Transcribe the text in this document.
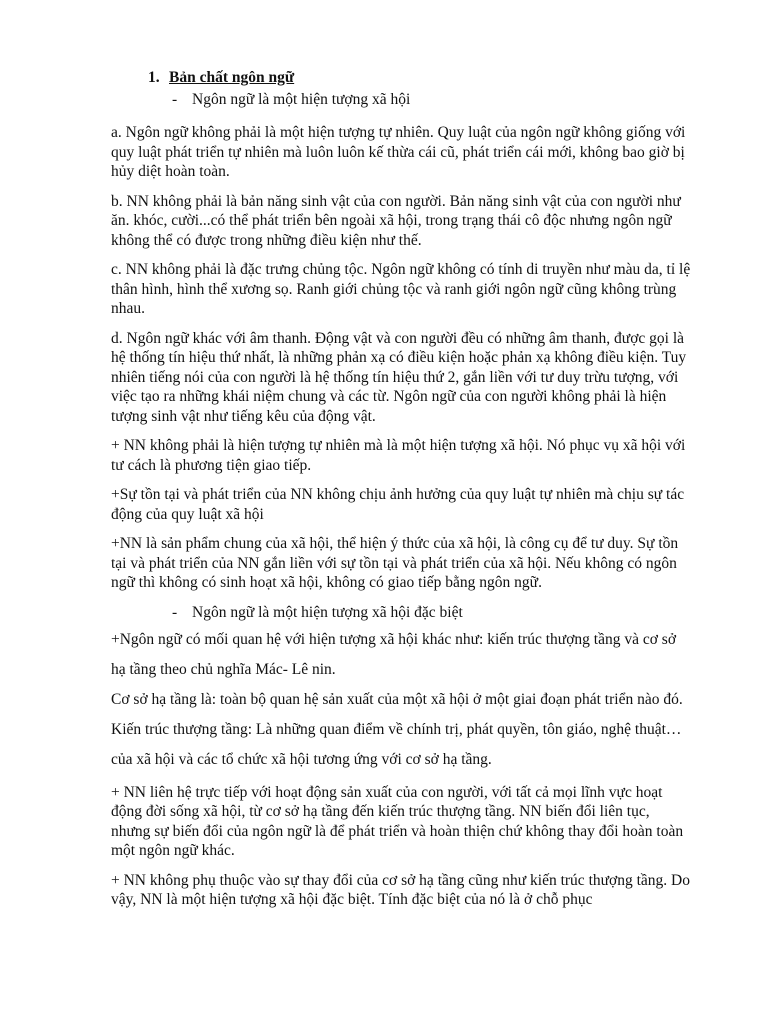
1. Bản chất ngôn ngữ
- Ngôn ngữ là một hiện tượng xã hội

a. Ngôn ngữ không phải là một hiện tượng tự nhiên. Quy luật của ngôn ngữ không giống với quy luật phát triển tự nhiên mà luôn luôn kế thừa cái cũ, phát triển cái mới, không bao giờ bị hủy diệt hoàn toàn.

b. NN không phải là bản năng sinh vật của con người. Bản năng sinh vật của con người như ăn. khóc, cười...có thể phát triển bên ngoài xã hội, trong trạng thái cô độc nhưng ngôn ngữ không thể có được trong những điều kiện như thế.

c. NN không phải là đặc trưng chủng tộc. Ngôn ngữ không có tính di truyền như màu da, tỉ lệ thân hình, hình thể xương sọ. Ranh giới chủng tộc và ranh giới ngôn ngữ cũng không trùng nhau.

d. Ngôn ngữ khác với âm thanh. Động vật và con người đều có những âm thanh, được gọi là hệ thống tín hiệu thứ nhất, là những phản xạ có điều kiện hoặc phản xạ không điều kiện. Tuy nhiên tiếng nói của con người là hệ thống tín hiệu thứ 2, gắn liền với tư duy trừu tượng, với việc tạo ra những khái niệm chung và các từ. Ngôn ngữ của con người không phải là hiện tượng sinh vật như tiếng kêu của động vật.

+ NN không phải là hiện tượng tự nhiên mà là một hiện tượng xã hội. Nó phục vụ xã hội với tư cách là phương tiện giao tiếp.

+Sự tồn tại và phát triển của NN không chịu ảnh hưởng của quy luật tự nhiên mà chịu sự tác động của quy luật xã hội

+NN là sản phẩm chung của xã hội, thể hiện ý thức của xã hội, là công cụ để tư duy. Sự tồn tại và phát triển của NN gắn liền với sự tồn tại và phát triển của xã hội. Nếu không có ngôn ngữ thì không có sinh hoạt xã hội, không có giao tiếp bằng ngôn ngữ.

- Ngôn ngữ là một hiện tượng xã hội đặc biệt

+Ngôn ngữ có mối quan hệ với hiện tượng xã hội khác như: kiến trúc thượng tầng và cơ sở hạ tầng theo chủ nghĩa Mác- Lê nin.

Cơ sở hạ tầng là: toàn bộ quan hệ sản xuất của một xã hội ở một giai đoạn phát triển nào đó.

Kiến trúc thượng tầng: Là những quan điểm về chính trị, phát quyền, tôn giáo, nghệ thuật…của xã hội và các tổ chức xã hội tương ứng với cơ sở hạ tầng.

+ NN liên hệ trực tiếp với hoạt động sản xuất của con người, với tất cả mọi lĩnh vực hoạt động đời sống xã hội, từ cơ sở hạ tầng đến kiến trúc thượng tầng. NN biến đổi liên tục, nhưng sự biến đổi của ngôn ngữ là để phát triển và hoàn thiện chứ không thay đổi hoàn toàn một ngôn ngữ khác.

+ NN không phụ thuộc vào sự thay đổi của cơ sở hạ tầng cũng như kiến trúc thượng tầng. Do vậy, NN là một hiện tượng xã hội đặc biệt. Tính đặc biệt của nó là ở chỗ phục
